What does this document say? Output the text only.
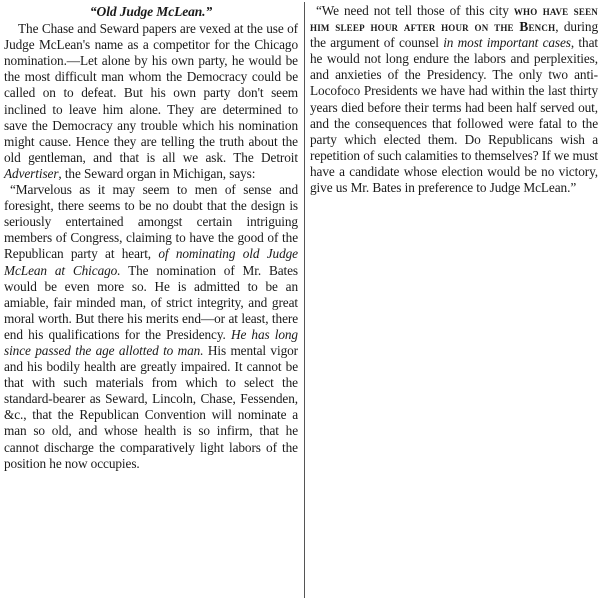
“Old Judge McLean.”

The Chase and Seward papers are vexed at the use of Judge McLean's name as a competitor for the Chicago nomination.—Let alone by his own party, he would be the most difficult man whom the Democracy could be called on to defeat. But his own party don't seem inclined to leave him alone. They are determined to save the Democracy any trouble which his nomination might cause. Hence they are telling the truth about the old gentleman, and that is all we ask. The Detroit Advertiser, the Seward organ in Michigan, says:

“Marvelous as it may seem to men of sense and foresight, there seems to be no doubt that the design is seriously entertained amongst certain intriguing members of Congress, claiming to have the good of the Republican party at heart, of nominating old Judge McLean at Chicago. The nomination of Mr. Bates would be even more so. He is admitted to be an amiable, fair minded man, of strict integrity, and great moral worth. But there his merits end—or at least, there end his qualifications for the Presidency. He has long since passed the age allotted to man. His mental vigor and his bodily health are greatly impaired. It cannot be that with such materials from which to select the standard-bearer as Seward, Lincoln, Chase, Fessenden, &c., that the Republican Convention will nominate a man so old, and whose health is so infirm, that he cannot discharge the comparatively light labors of the position he now occupies.

“We need not tell those of this city who have seen him sleep hour after hour on the Bench, during the argument of counsel in most important cases, that he would not long endure the labors and perplexities, and anxieties of the Presidency. The only two anti-Locofoco Presidents we have had within the last thirty years died before their terms had been half served out, and the consequences that followed were fatal to the party which elected them. Do Republicans wish a repetition of such calamities to themselves? If we must have a candidate whose election would be no victory, give us Mr. Bates in preference to Judge McLean.”
